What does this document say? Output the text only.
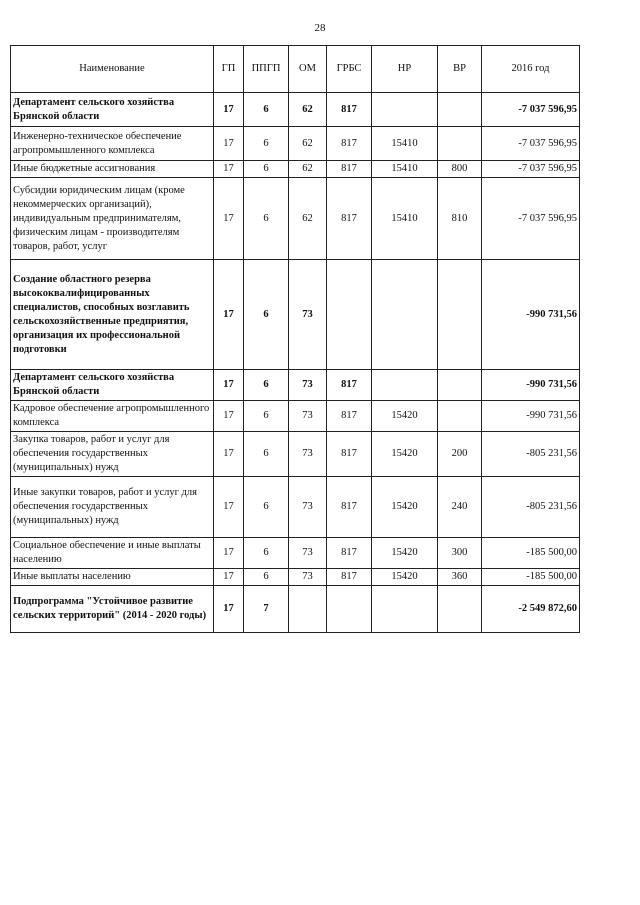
28
Наименование	ГП	ППГП	ОМ	ГРБС	НР	ВР	2016 год
Департамент сельского хозяйства Брянской области	17	6	62	817			-7 037 596,95
Инженерно-техническое обеспечение агропромышленного комплекса	17	6	62	817	15410		-7 037 596,95
Иные бюджетные ассигнования	17	6	62	817	15410	800	-7 037 596,95
Субсидии юридическим лицам (кроме некоммерческих организаций), индивидуальным предпринимателям, физическим лицам - производителям товаров, работ, услуг	17	6	62	817	15410	810	-7 037 596,95
Создание областного резерва высококвалифицированных специалистов, способных возглавить сельскохозяйственные предприятия, организация их профессиональной подготовки	17	6	73				-990 731,56
Департамент сельского хозяйства Брянской области	17	6	73	817			-990 731,56
Кадровое обеспечение агропромышленного комплекса	17	6	73	817	15420		-990 731,56
Закупка товаров, работ и услуг для обеспечения государственных (муниципальных) нужд	17	6	73	817	15420	200	-805 231,56
Иные закупки товаров, работ и услуг для обеспечения государственных (муниципальных) нужд	17	6	73	817	15420	240	-805 231,56
Социальное обеспечение и иные выплаты населению	17	6	73	817	15420	300	-185 500,00
Иные выплаты населению	17	6	73	817	15420	360	-185 500,00
Подпрограмма "Устойчивое развитие сельских территорий" (2014 - 2020 годы)	17	7					-2 549 872,60
